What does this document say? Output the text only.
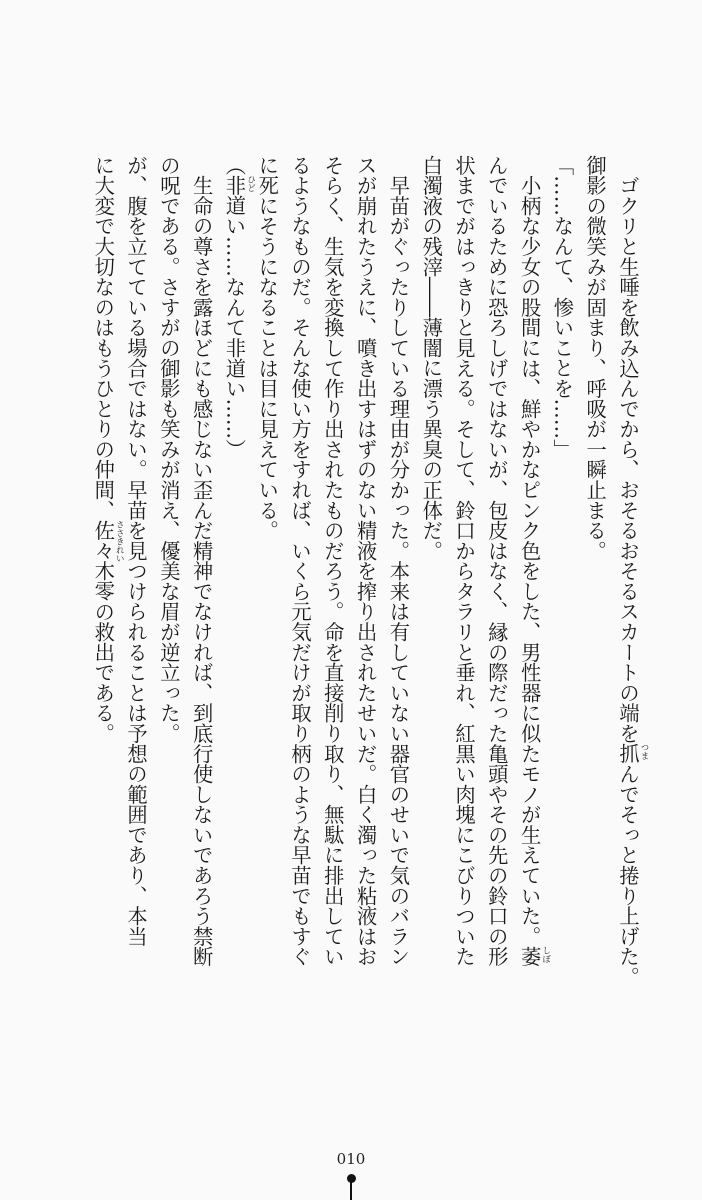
　ゴクリと生唾を飲み込んでから、おそるおそるスカートの端を抓 つま
んでそっと捲り上げた。
御影の微笑みが固まり、呼吸が一瞬止まる。
「……なんて、惨いことを……」
　小柄な少女の股間には、鮮やかなピンク色をした、男性器に似たモノが生えていた。萎 しぼ
んでいるために恐ろしげではないが、包皮はなく、縁の際だった亀頭やその先の鈴口の形
状までがはっきりと見える。そして、鈴口からタラリと垂れ、紅黒い肉塊にこびりついた
白濁液の残滓――薄闇に漂う異臭の正体だ。
　早苗がぐったりしている理由が分かった。本来は有していない器官のせいで気のバラン
スが崩れたうえに、噴き出すはずのない精液を搾り出されたせいだ。白く濁った粘液はお
そらく、生気を変換して作り出されたものだろう。命を直接削り取り、無駄に排出してい
るようなものだ。そんな使い方をすれば、いくら元気だけが取り柄のような早苗でもすぐ
に死にそうになることは目に見えている。
（非道 ひど
い……なんて非道い……）
　生命の尊さを露ほどにも感じない歪んだ精神でなければ、到底行使しないであろう禁断
の呪である。さすがの御影も笑みが消え、優美な眉が逆立った。
が、腹を立てている場合ではない。早苗を見つけられることは予想の範囲であり、本当
に大変で大切なのはもうひとりの仲間、佐々木零 ささきれい
の救出である。
010
